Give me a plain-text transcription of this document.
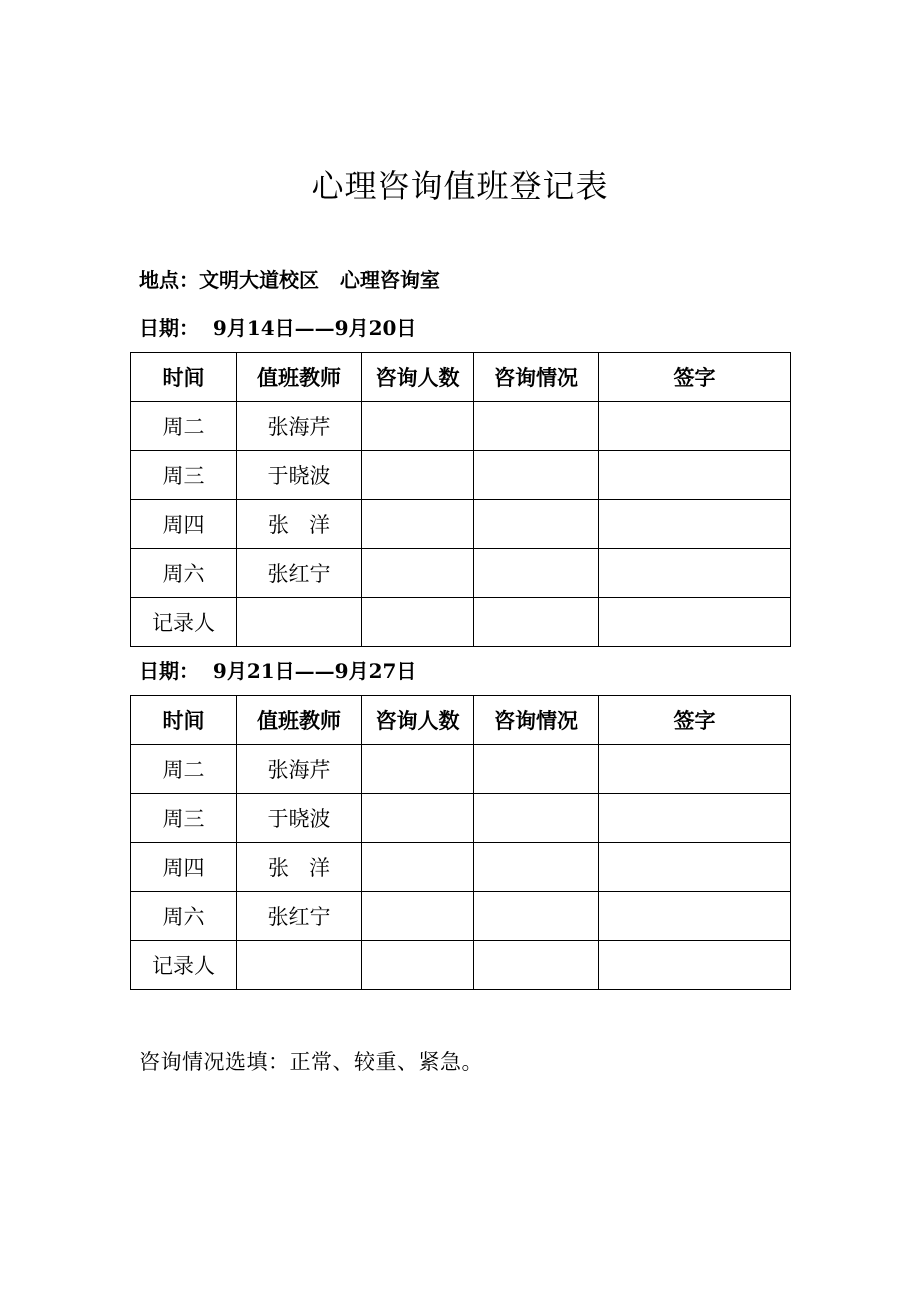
心理咨询值班登记表
地点：文明大道校区   心理咨询室
日期：  9月14日——9月20日
时间	值班教师	咨询人数	咨询情况	签字
周二	张海芹			
周三	于晓波			
周四	张   洋			
周六	张红宁			
记录人				
日期：  9月21日——9月27日
时间	值班教师	咨询人数	咨询情况	签字
周二	张海芹			
周三	于晓波			
周四	张   洋			
周六	张红宁			
记录人				
咨询情况选填：正常、较重、紧急。
